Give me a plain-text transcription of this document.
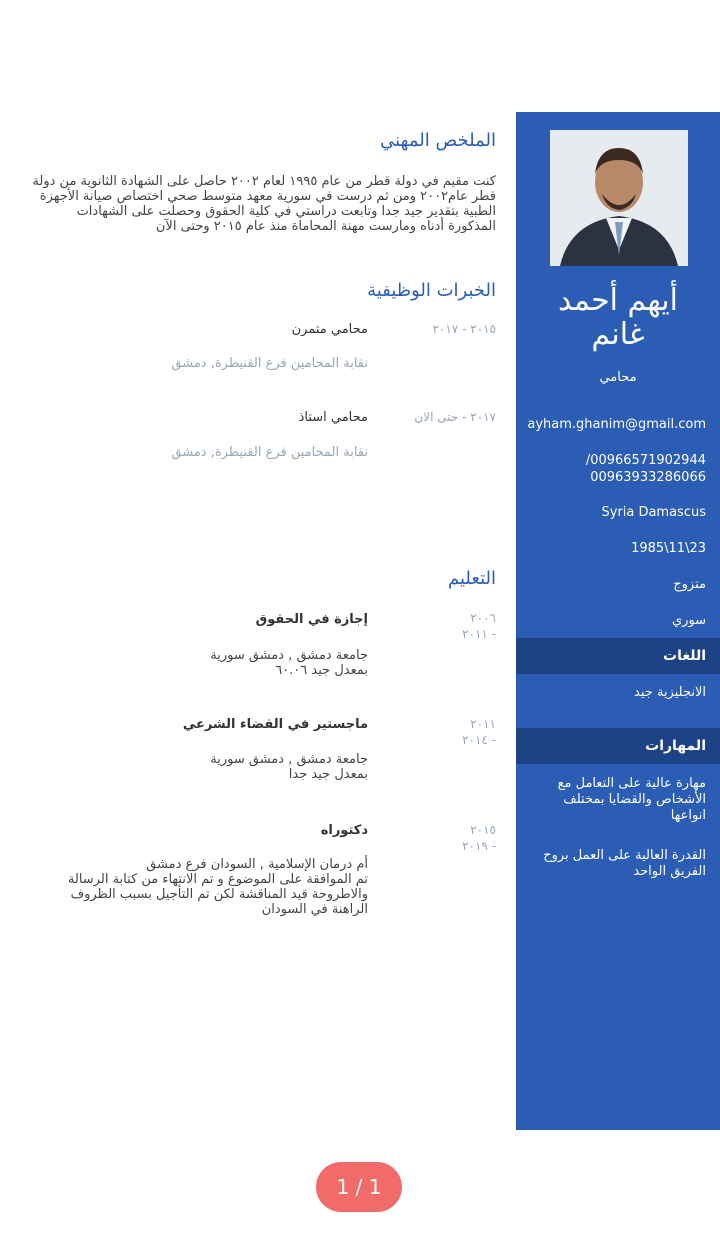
الملخص المهني
كنت مقيم في دولة قطر من عام ١٩٩٥ لعام ٢٠٠٢ حاصل على الشهادة الثانوية من دولة قطر عام٢٠٠٢ ومن ثم درست في سورية معهد متوسط صحي اختصاص صيانة الأجهزة الطبية بتقدير جيد جدا وتابعت دراستي في كلية الحقوق وحصلت على الشهادات المذكورة أدناه ومارست مهنة المحاماة منذ عام ٢٠١٥ وحتى الآن
الخبرات الوظيفية
٢٠١٥ - ٢٠١٧
محامي متمرن
نقابة المحامين فرع القنيطرة, دمشق
٢٠١٧ - حتى الان
محامي استاذ
نقابة المحامين فرع القنيطرة, دمشق
التعليم
٢٠٠٦
- ٢٠١١
إجازة في الحقوق
جامعة دمشق , دمشق سورية
بمعدل جيد ٦٠.٠٦
٢٠١١
- ٢٠١٤
ماجستير في القضاء الشرعي
جامعة دمشق , دمشق سورية
بمعدل جيد جدا
٢٠١٥
- ٢٠١٩
دكتوراه
أم درمان الإسلامية , السودان فرع دمشق
تم الموافقة على الموضوع و تم الانتهاء من كتابة الرسالة والاطروحة قيد المناقشة لكن تم التأجيل بسبب الظروف الراهنة في السودان
أيهم أحمد
غانم
محامي
ayham.ghanim@gmail.com
/00966571902944
00963933286066
Syria Damascus
1985\11\23
متزوج
سوري
اللغات
الانجليزية جيد
المهارات
مهارة عالية على التعامل مع الأشخاص والقضايا بمختلف انواعها
القدرة العالية على العمل بروح الفريق الواحد
1 / 1
